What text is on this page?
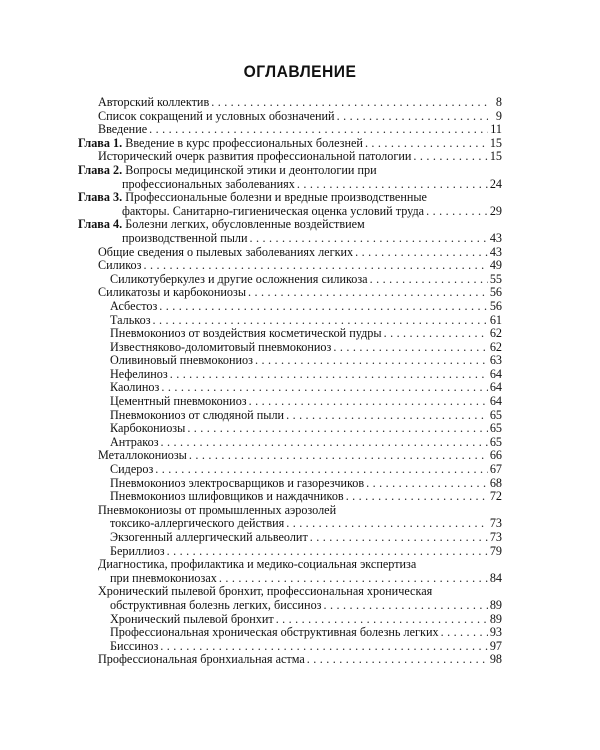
ОГЛАВЛЕНИЕ
Авторский коллектив . . .	8
Список сокращений и условных обозначений . . .	9
Введение . . .	11
Глава 1.
Введение в курс профессиональных болезней . . .	15
Исторический очерк развития профессиональной патологии . . .	15
Глава 2.
Вопросы медицинской этики и деонтологии при
профессиональных заболеваниях . . .	24
Глава 3.
Профессиональные болезни и вредные производственные
факторы. Санитарно-гигиеническая оценка условий труда . . .	29
Глава 4.
Болезни легких, обусловленные воздействием
производственной пыли . . .	43
Общие сведения о пылевых заболеваниях легких . . .	43
Силикоз . . .	49
Силикотуберкулез и другие осложнения силикоза . . .	55
Силикатозы и карбокониозы . . .	56
Асбестоз . . .	56
Талькоз . . .	61
Пневмокониоз от воздействия косметической пудры . . .	62
Известняково-доломитовый пневмокониоз . . .	62
Оливиновый пневмокониоз . . .	63
Нефелиноз . . .	64
Каолиноз . . .	64
Цементный пневмокониоз . . .	64
Пневмокониоз от слюдяной пыли . . .	65
Карбокониозы . . .	65
Антракоз . . .	65
Металлокониозы . . .	66
Сидероз . . .	67
Пневмокониоз электросварщиков и газорезчиков . . .	68
Пневмокониоз шлифовщиков и наждачников . . .	72
Пневмокониозы от промышленных аэрозолей
токсико-аллергического действия . . .	73
Экзогенный аллергический альвеолит . . .	73
Бериллиоз . . .	79
Диагностика, профилактика и медико-социальная экспертиза
при пневмокониозах . . .	84
Хронический пылевой бронхит, профессиональная хроническая
обструктивная болезнь легких, биссиноз . . .	89
Хронический пылевой бронхит . . .	89
Профессиональная хроническая обструктивная болезнь легких . . .	93
Биссиноз . . .	97
Профессиональная бронхиальная астма . . .	98
